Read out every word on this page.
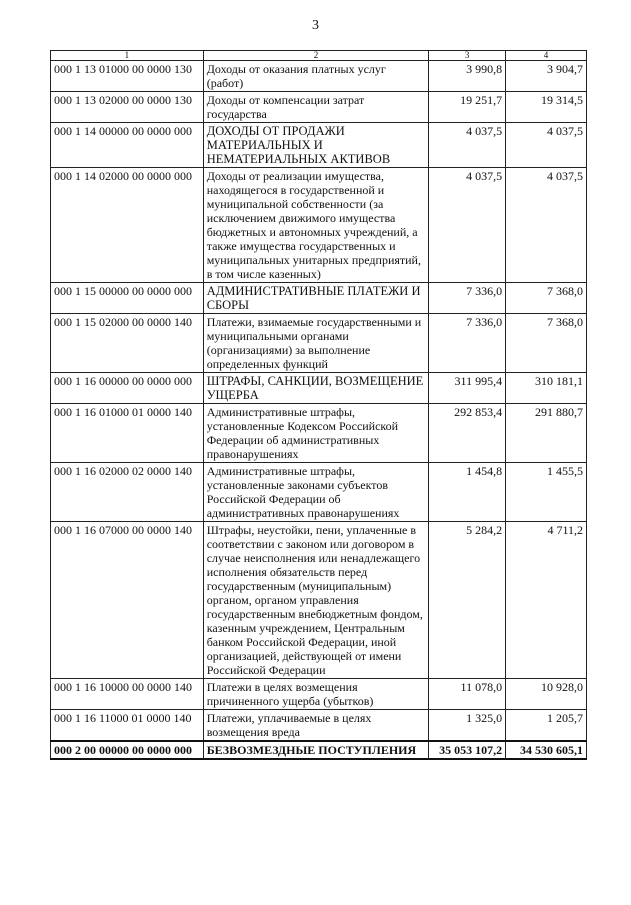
3
1	2	3	4
000 1 13 01000 00 0000 130	Доходы от оказания платных услуг (работ)	3 990,8	3 904,7
000 1 13 02000 00 0000 130	Доходы от компенсации затрат государства	19 251,7	19 314,5
000 1 14 00000 00 0000 000	ДОХОДЫ ОТ ПРОДАЖИ МАТЕРИАЛЬНЫХ И НЕМАТЕРИАЛЬНЫХ АКТИВОВ	4 037,5	4 037,5
000 1 14 02000 00 0000 000	Доходы от реализации имущества, находящегося в государственной и муниципальной собственности (за исключением движимого имущества бюджетных и автономных учреждений, а также имущества государственных и муниципальных унитарных предприятий, в том числе казенных)	4 037,5	4 037,5
000 1 15 00000 00 0000 000	АДМИНИСТРАТИВНЫЕ ПЛАТЕЖИ И СБОРЫ	7 336,0	7 368,0
000 1 15 02000 00 0000 140	Платежи, взимаемые государственными и муниципальными органами (организациями) за выполнение определенных функций	7 336,0	7 368,0
000 1 16 00000 00 0000 000	ШТРАФЫ, САНКЦИИ, ВОЗМЕЩЕНИЕ УЩЕРБА	311 995,4	310 181,1
000 1 16 01000 01 0000 140	Административные штрафы, установленные Кодексом Российской Федерации об административных правонарушениях	292 853,4	291 880,7
000 1 16 02000 02 0000 140	Административные штрафы, установленные законами субъектов Российской Федерации об административных правонарушениях	1 454,8	1 455,5
000 1 16 07000 00 0000 140	Штрафы, неустойки, пени, уплаченные в соответствии с законом или договором в случае неисполнения или ненадлежащего исполнения обязательств перед государственным (муниципальным) органом, органом управления государственным внебюджетным фондом, казенным учреждением, Центральным банком Российской Федерации, иной организацией, действующей от имени Российской Федерации	5 284,2	4 711,2
000 1 16 10000 00 0000 140	Платежи в целях возмещения причиненного ущерба (убытков)	11 078,0	10 928,0
000 1 16 11000 01 0000 140	Платежи, уплачиваемые в целях возмещения вреда	1 325,0	1 205,7
000 2 00 00000 00 0000 000	БЕЗВОЗМЕЗДНЫЕ ПОСТУПЛЕНИЯ	35 053 107,2	34 530 605,1
